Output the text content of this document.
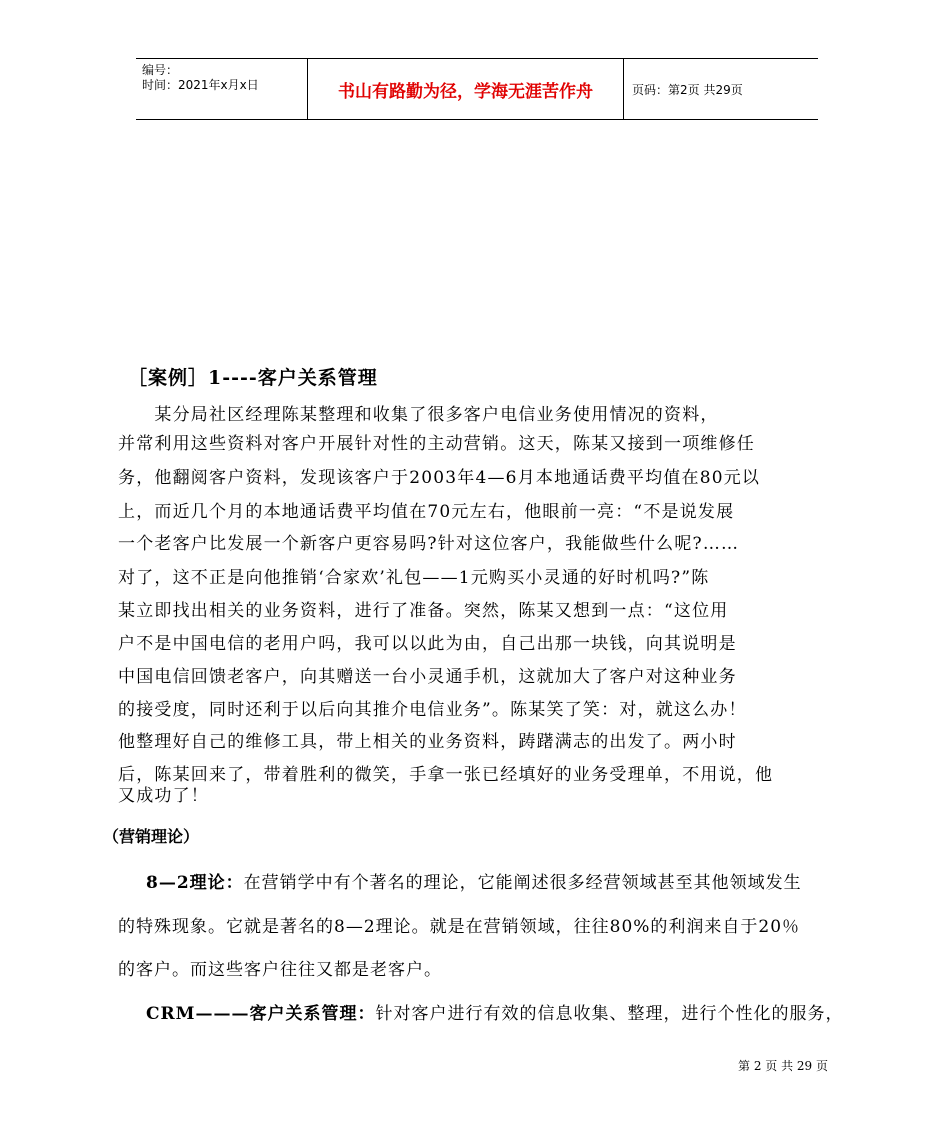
编号：
时间：2021年x月x日	书山有路勤为径，学海无涯苦作舟	页码：第2页 共29页
［案例］1----客户关系管理
　　某分局社区经理陈某整理和收集了很多客户电信业务使用情况的资料，
并常利用这些资料对客户开展针对性的主动营销。这天，陈某又接到一项维修任
务，他翻阅客户资料，发现该客户于2003年4—6月本地通话费平均值在80元以
上，而近几个月的本地通话费平均值在70元左右，他眼前一亮：“不是说发展
一个老客户比发展一个新客户更容易吗?针对这位客户，我能做些什么呢?……
对了，这不正是向他推销‘合家欢’礼包——1元购买小灵通的好时机吗?”陈
某立即找出相关的业务资料，进行了准备。突然，陈某又想到一点：“这位用
户不是中国电信的老用户吗，我可以以此为由，自己出那一块钱，向其说明是
中国电信回馈老客户，向其赠送一台小灵通手机，这就加大了客户对这种业务
的接受度，同时还利于以后向其推介电信业务”。陈某笑了笑：对，就这么办！
他整理好自己的维修工具，带上相关的业务资料，踌躇满志的出发了。两小时
后，陈某回来了，带着胜利的微笑，手拿一张已经填好的业务受理单，不用说，他
又成功了！
（营销理论）
8—2理论：在营销学中有个著名的理论，它能阐述很多经营领域甚至其他领域发生
的特殊现象。它就是著名的8—2理论。就是在营销领域，往往80%的利润来自于20％
的客户。而这些客户往往又都是老客户。
CRM———客户关系管理：针对客户进行有效的信息收集、整理，进行个性化的服务，
第 2 页 共 29 页
